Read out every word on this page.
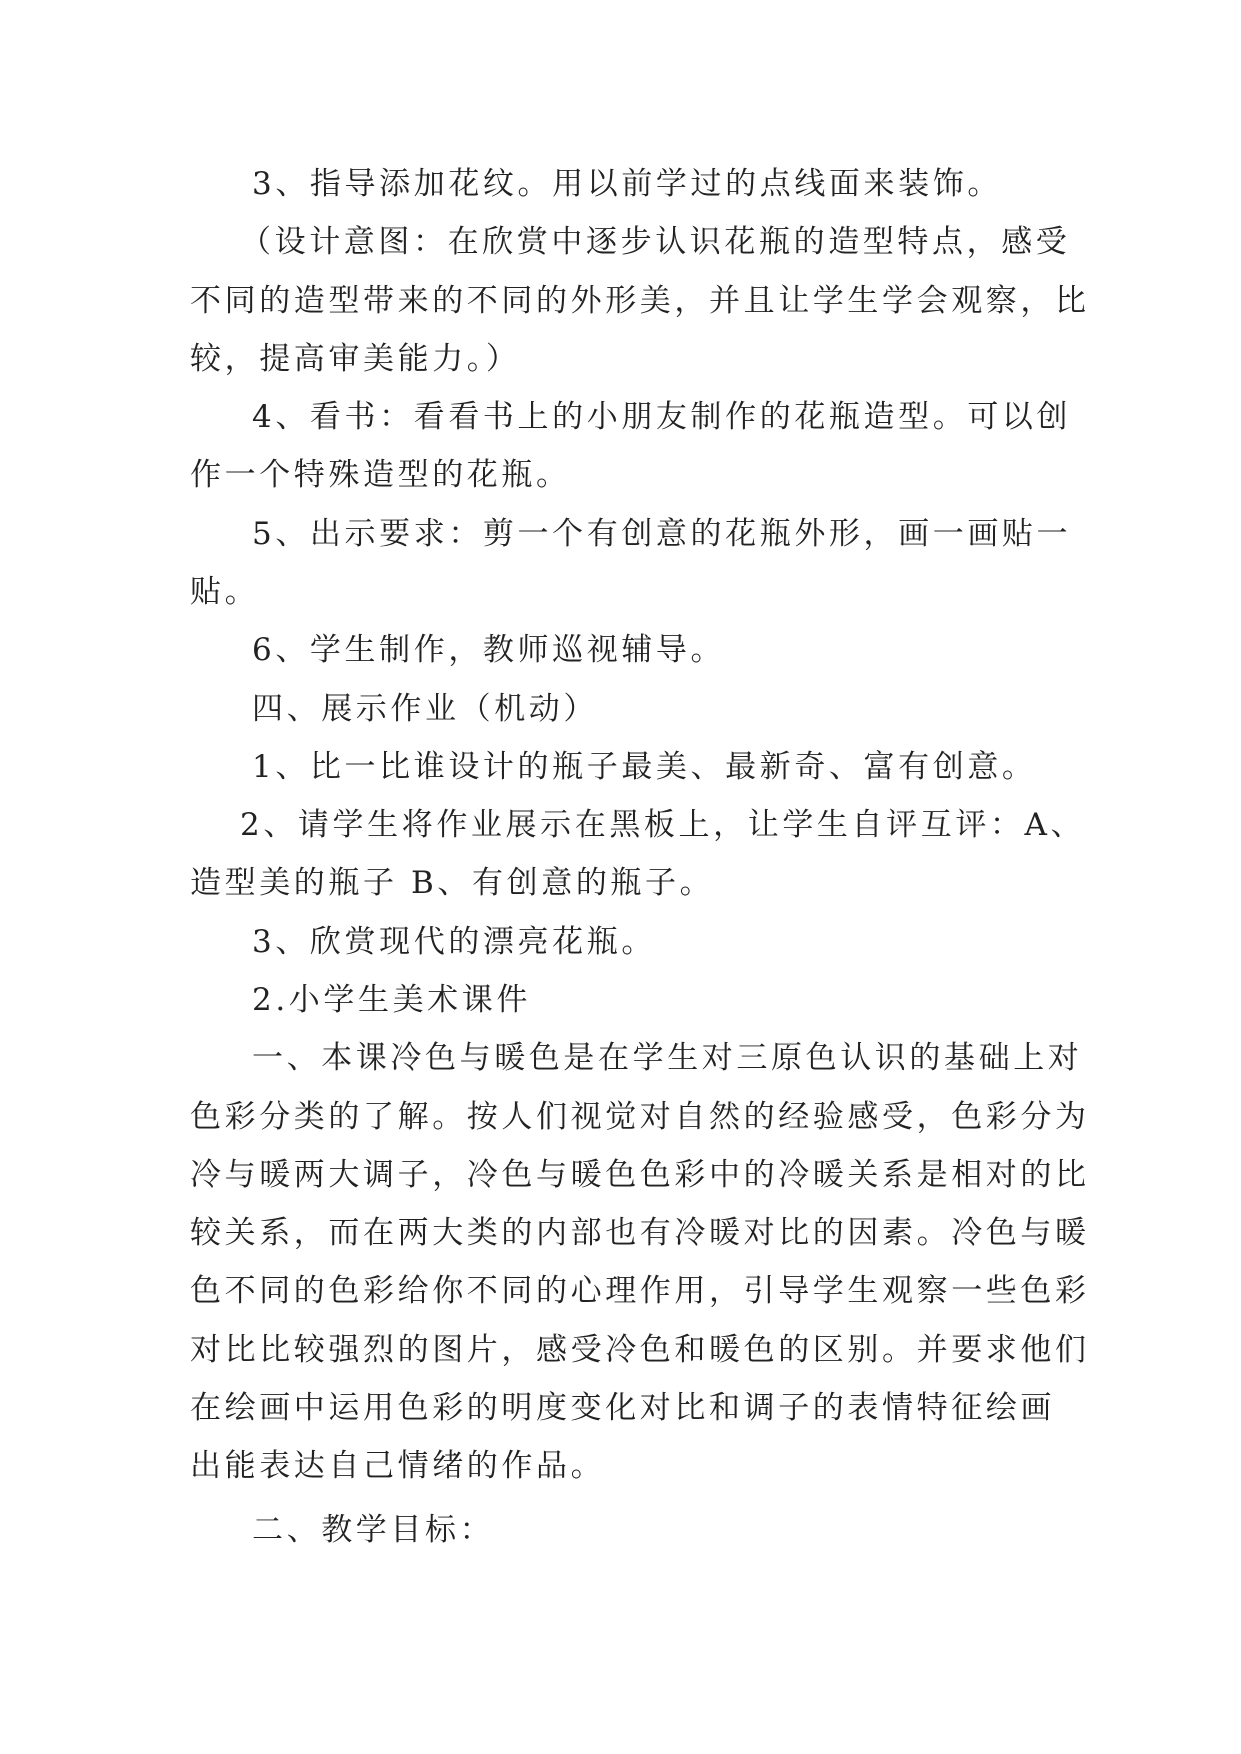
3、指导添加花纹。用以前学过的点线面来装饰。
（设计意图：在欣赏中逐步认识花瓶的造型特点，感受
不同的造型带来的不同的外形美，并且让学生学会观察，比
较，提高审美能力。）
4、看书：看看书上的小朋友制作的花瓶造型。可以创
作一个特殊造型的花瓶。
5、出示要求：剪一个有创意的花瓶外形，画一画贴一
贴。
6、学生制作，教师巡视辅导。
四、展示作业（机动）
1、比一比谁设计的瓶子最美、最新奇、富有创意。
2、请学生将作业展示在黑板上，让学生自评互评：A、
造型美的瓶子 B、有创意的瓶子。
3、欣赏现代的漂亮花瓶。
2.小学生美术课件
一、本课冷色与暖色是在学生对三原色认识的基础上对
色彩分类的了解。按人们视觉对自然的经验感受，色彩分为
冷与暖两大调子，冷色与暖色色彩中的冷暖关系是相对的比
较关系，而在两大类的内部也有冷暖对比的因素。冷色与暖
色不同的色彩给你不同的心理作用，引导学生观察一些色彩
对比比较强烈的图片，感受冷色和暖色的区别。并要求他们
在绘画中运用色彩的明度变化对比和调子的表情特征绘画
出能表达自己情绪的作品。
二、教学目标：
